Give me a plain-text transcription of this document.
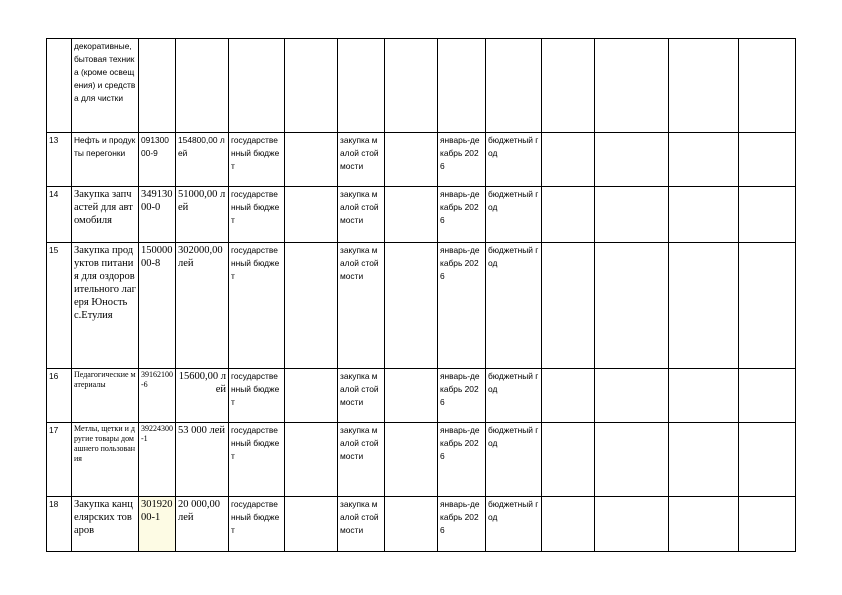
	декоративные, бытовая техника (кроме освещения) и средства для чистки												
13	Нефть и продукты перегонки	09130000-9	154800,00 лей	государственный бюджет		закупка малой стоймости		январь-декабрь 2026	бюджетный год				
14	Закупка запчастей для автомобиля	34913000-0	51000,00 лей	государственный бюджет		закупка малой стоймости		январь-декабрь 2026	бюджетный год				
15	Закупка продуктов питания для оздоровительного лагеря Юность с.Етулия	15000000-8	302000,00 лей	государственный бюджет		закупка малой стоймости		январь-декабрь 2026	бюджетный год				
16	Педагогические материалы	39162100-6	15600,00 лей	государственный бюджет		закупка малой стоймости		январь-декабрь 2026	бюджетный год				
17	Метлы, щетки и другие товары домашнего пользования	39224300-1	53 000 лей	государственный бюджет		закупка малой стоймости		январь-декабрь 2026	бюджетный год				
18	Закупка канцелярских товаров	30192000-1	20 000,00 лей	государственный бюджет		закупка малой стоймости		январь-декабрь 2026	бюджетный год				
